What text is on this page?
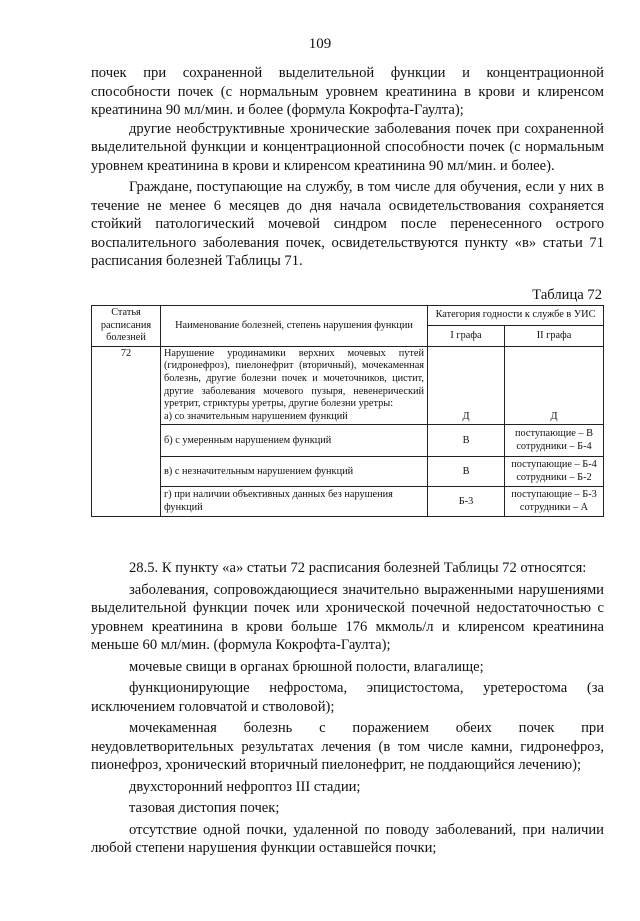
109

почек при сохраненной выделительной функции и концентрационной способности почек (с нормальным уровнем креатинина в крови и клиренсом креатинина 90 мл/мин. и более (формула Кокрофта-Гаулта);

другие необструктивные хронические заболевания почек при сохраненной выделительной функции и концентрационной способности почек (с нормальным уровнем креатинина в крови и клиренсом креатинина 90 мл/мин. и более).

Граждане, поступающие на службу, в том числе для обучения, если у них в течение не менее 6 месяцев до дня начала освидетельствования сохраняется стойкий патологический мочевой синдром после перенесенного острого воспалительного заболевания почек, освидетельствуются пункту «в» статьи 71 расписания болезней Таблицы 71.

Таблица 72
Статья расписания болезней	Наименование болезней, степень нарушения функции	Категория годности к службе в УИС	
		I графа	II графа
72	Нарушение уродинамики верхних мочевых путей (гидронефроз), пиелонефрит (вторичный), мочекаменная болезнь, другие болезни почек и мочеточников, цистит, другие заболевания мочевого пузыря, невенерический уретрит, стриктуры уретры, другие болезни уретры:
а) со значительным нарушением функций	Д	Д
	б) с умеренным нарушением функций	В	поступающие – В сотрудники – Б-4
	в) с незначительным нарушением функций	В	поступающие – Б-4 сотрудники – Б-2
	г) при наличии объективных данных без нарушения функций	Б-3	поступающие – Б-3 сотрудники – А

28.5. К пункту «а» статьи 72 расписания болезней Таблицы 72 относятся:

заболевания, сопровождающиеся значительно выраженными нарушениями выделительной функции почек или хронической почечной недостаточностью с уровнем креатинина в крови больше 176 мкмоль/л и клиренсом креатинина меньше 60 мл/мин. (формула Кокрофта-Гаулта);

мочевые свищи в органах брюшной полости, влагалище;

функционирующие нефростома, эпицистостома, уретеростома (за исключением головчатой и стволовой);

мочекаменная болезнь с поражением обеих почек при неудовлетворительных результатах лечения (в том числе камни, гидронефроз, пионефроз, хронический вторичный пиелонефрит, не поддающийся лечению);

двухсторонний нефроптоз III стадии;

тазовая дистопия почек;

отсутствие одной почки, удаленной по поводу заболеваний, при наличии любой степени нарушения функции оставшейся почки;
